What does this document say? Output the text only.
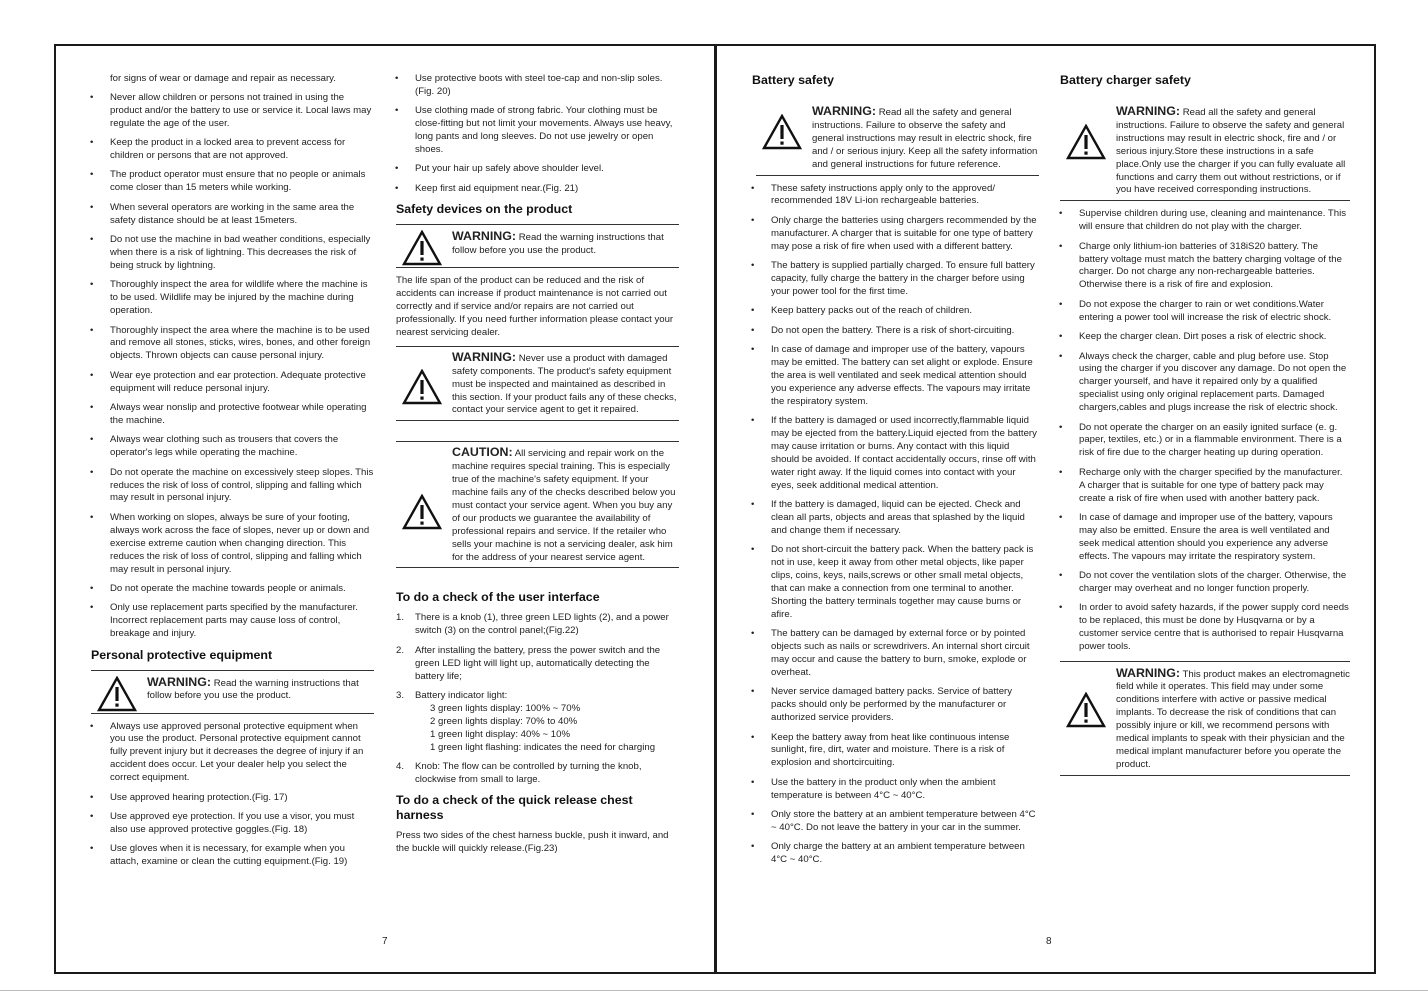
for signs of wear or damage and repair as necessary.

• Never allow children or persons not trained in using the product and/or the battery to use or service it. Local laws may regulate the age of the user.
• Keep the product in a locked area to prevent access for children or persons that are not approved.
• The product operator must ensure that no people or animals come closer than 15 meters while working.
• When several operators are working in the same area the safety distance should be at least 15meters.
• Do not use the machine in bad weather conditions, especially when there is a risk of lightning. This decreases the risk of being struck by lightning.
• Thoroughly inspect the area for wildlife where the machine is to be used. Wildlife may be injured by the machine during operation.
• Thoroughly inspect the area where the machine is to be used and remove all stones, sticks, wires, bones, and other foreign objects. Thrown objects can cause personal injury.
• Wear eye protection and ear protection. Adequate protective equipment will reduce personal injury.
• Always wear nonslip and protective footwear while operating the machine.
• Always wear clothing such as trousers that covers the operator's legs while operating the machine.
• Do not operate the machine on excessively steep slopes. This reduces the risk of loss of control, slipping and falling which may result in personal injury.
• When working on slopes, always be sure of your footing, always work across the face of slopes, never up or down and exercise extreme caution when changing direction. This reduces the risk of loss of control, slipping and falling which may result in personal injury.
• Do not operate the machine towards people or animals.
• Only use replacement parts specified by the manufacturer. Incorrect replacement parts may cause loss of control, breakage and injury.
Personal protective equipment
WARNING: Read the warning instructions that follow before you use the product.
• Always use approved personal protective equipment when you use the product. Personal protective equipment cannot fully prevent injury but it decreases the degree of injury if an accident does occur. Let your dealer help you select the correct equipment.
• Use approved hearing protection.(Fig. 17)
• Use approved eye protection. If you use a visor, you must also use approved protective goggles.(Fig. 18)
• Use gloves when it is necessary, for example when you attach, examine or clean the cutting equipment.(Fig. 19)
• Use protective boots with steel toe-cap and non-slip soles.(Fig. 20)
• Use clothing made of strong fabric. Your clothing must be close-fitting but not limit your movements. Always use heavy, long pants and long sleeves. Do not use jewelry or open shoes.
• Put your hair up safely above shoulder level.
• Keep first aid equipment near.(Fig. 21)
Safety devices on the product
WARNING: Read the warning instructions that follow before you use the product.

The life span of the product can be reduced and the risk of accidents can increase if product maintenance is not carried out correctly and if service and/or repairs are not carried out professionally. If you need further information please contact your nearest servicing dealer.

WARNING: Never use a product with damaged safety components. The product's safety equipment must be inspected and maintained as described in this section. If your product fails any of these checks, contact your service agent to get it repaired.
CAUTION: All servicing and repair work on the machine requires special training. This is especially true of the machine's safety equipment. If your machine fails any of the checks described below you must contact your service agent. When you buy any of our products we guarantee the availability of professional repairs and service. If the retailer who sells your machine is not a servicing dealer, ask him for the address of your nearest service agent.
To do a check of the user interface
1. There is a knob (1), three green LED lights (2), and a power switch (3) on the control panel;(Fig.22)
2. After installing the battery, press the power switch and the green LED light will light up, automatically detecting the battery life;
3. Battery indicator light:

3 green lights display: 100% ~ 70%

2 green lights display: 70% to 40%

1 green light display: 40% ~ 10%

1 green light flashing: indicates the need for charging

4. Knob: The flow can be controlled by turning the knob, clockwise from small to large.
To do a check of the quick release chest harness

Press two sides of the chest harness buckle, push it inward, and the buckle will quickly release.(Fig.23)

7
Battery safety
WARNING: Read all the safety and general instructions. Failure to observe the safety and general instructions may result in electric shock, fire and / or serious injury. Keep all the safety information and general instructions for future reference.
• These safety instructions apply only to the approved/ recommended 18V Li-ion rechargeable batteries.
• Only charge the batteries using chargers recommended by the manufacturer. A charger that is suitable for one type of battery may pose a risk of fire when used with a different battery.
• The battery is supplied partially charged. To ensure full battery capacity, fully charge the battery in the charger before using your power tool for the first time.
• Keep battery packs out of the reach of children.
• Do not open the battery. There is a risk of short-circuiting.
• In case of damage and improper use of the battery, vapours may be emitted. The battery can set alight or explode. Ensure the area is well ventilated and seek medical attention should you experience any adverse effects. The vapours may irritate the respiratory system.
• If the battery is damaged or used incorrectly,flammable liquid may be ejected from the battery.Liquid ejected from the battery may cause irritation or burns. Any contact with this liquid should be avoided. If contact accidentally occurs, rinse off with water right away. If the liquid comes into contact with your eyes, seek additional medical attention.
• If the battery is damaged, liquid can be ejected. Check and clean all parts, objects and areas that splashed by the liquid and change them if necessary.
• Do not short-circuit the battery pack. When the battery pack is not in use, keep it away from other metal objects, like paper clips, coins, keys, nails,screws or other small metal objects, that can make a connection from one terminal to another. Shorting the battery terminals together may cause burns or afire.
• The battery can be damaged by external force or by pointed objects such as nails or screwdrivers. An internal short circuit may occur and cause the battery to burn, smoke, explode or overheat.
• Never service damaged battery packs. Service of battery packs should only be performed by the manufacturer or authorized service providers.
• Keep the battery away from heat like continuous intense sunlight, fire, dirt, water and moisture. There is a risk of explosion and shortcircuiting.
• Use the battery in the product only when the ambient temperature is between 4°C ~ 40°C.
• Only store the battery at an ambient temperature between 4°C ~ 40°C. Do not leave the battery in your car in the summer.
• Only charge the battery at an ambient temperature between 4°C ~ 40°C.
Battery charger safety
WARNING: Read all the safety and general instructions. Failure to observe the safety and general instructions may result in electric shock, fire and / or serious injury.Store these instructions in a safe place.Only use the charger if you can fully evaluate all functions and carry them out without restrictions, or if you have received corresponding instructions.
• Supervise children during use, cleaning and maintenance. This will ensure that children do not play with the charger.
• Charge only lithium-ion batteries of 318iS20 battery. The battery voltage must match the battery charging voltage of the charger. Do not charge any non-rechargeable batteries. Otherwise there is a risk of fire and explosion.
• Do not expose the charger to rain or wet conditions.Water entering a power tool will increase the risk of electric shock.
• Keep the charger clean. Dirt poses a risk of electric shock.
• Always check the charger, cable and plug before use. Stop using the charger if you discover any damage. Do not open the charger yourself, and have it repaired only by a qualified specialist using only original replacement parts. Damaged chargers,cables and plugs increase the risk of electric shock.
• Do not operate the charger on an easily ignited surface (e. g. paper, textiles, etc.) or in a flammable environment. There is a risk of fire due to the charger heating up during operation.
• Recharge only with the charger specified by the manufacturer. A charger that is suitable for one type of battery pack may create a risk of fire when used with another battery pack.
• In case of damage and improper use of the battery, vapours may also be emitted. Ensure the area is well ventilated and seek medical attention should you experience any adverse effects. The vapours may irritate the respiratory system.
• Do not cover the ventilation slots of the charger. Otherwise, the charger may overheat and no longer function properly.
• In order to avoid safety hazards, if the power supply cord needs to be replaced, this must be done by Husqvarna or by a customer service centre that is authorised to repair Husqvarna power tools.
WARNING: This product makes an electromagnetic field while it operates. This field may under some conditions interfere with active or passive medical implants. To decrease the risk of conditions that can possibly injure or kill, we recommend persons with medical implants to speak with their physician and the medical implant manufacturer before you operate the product.
8
